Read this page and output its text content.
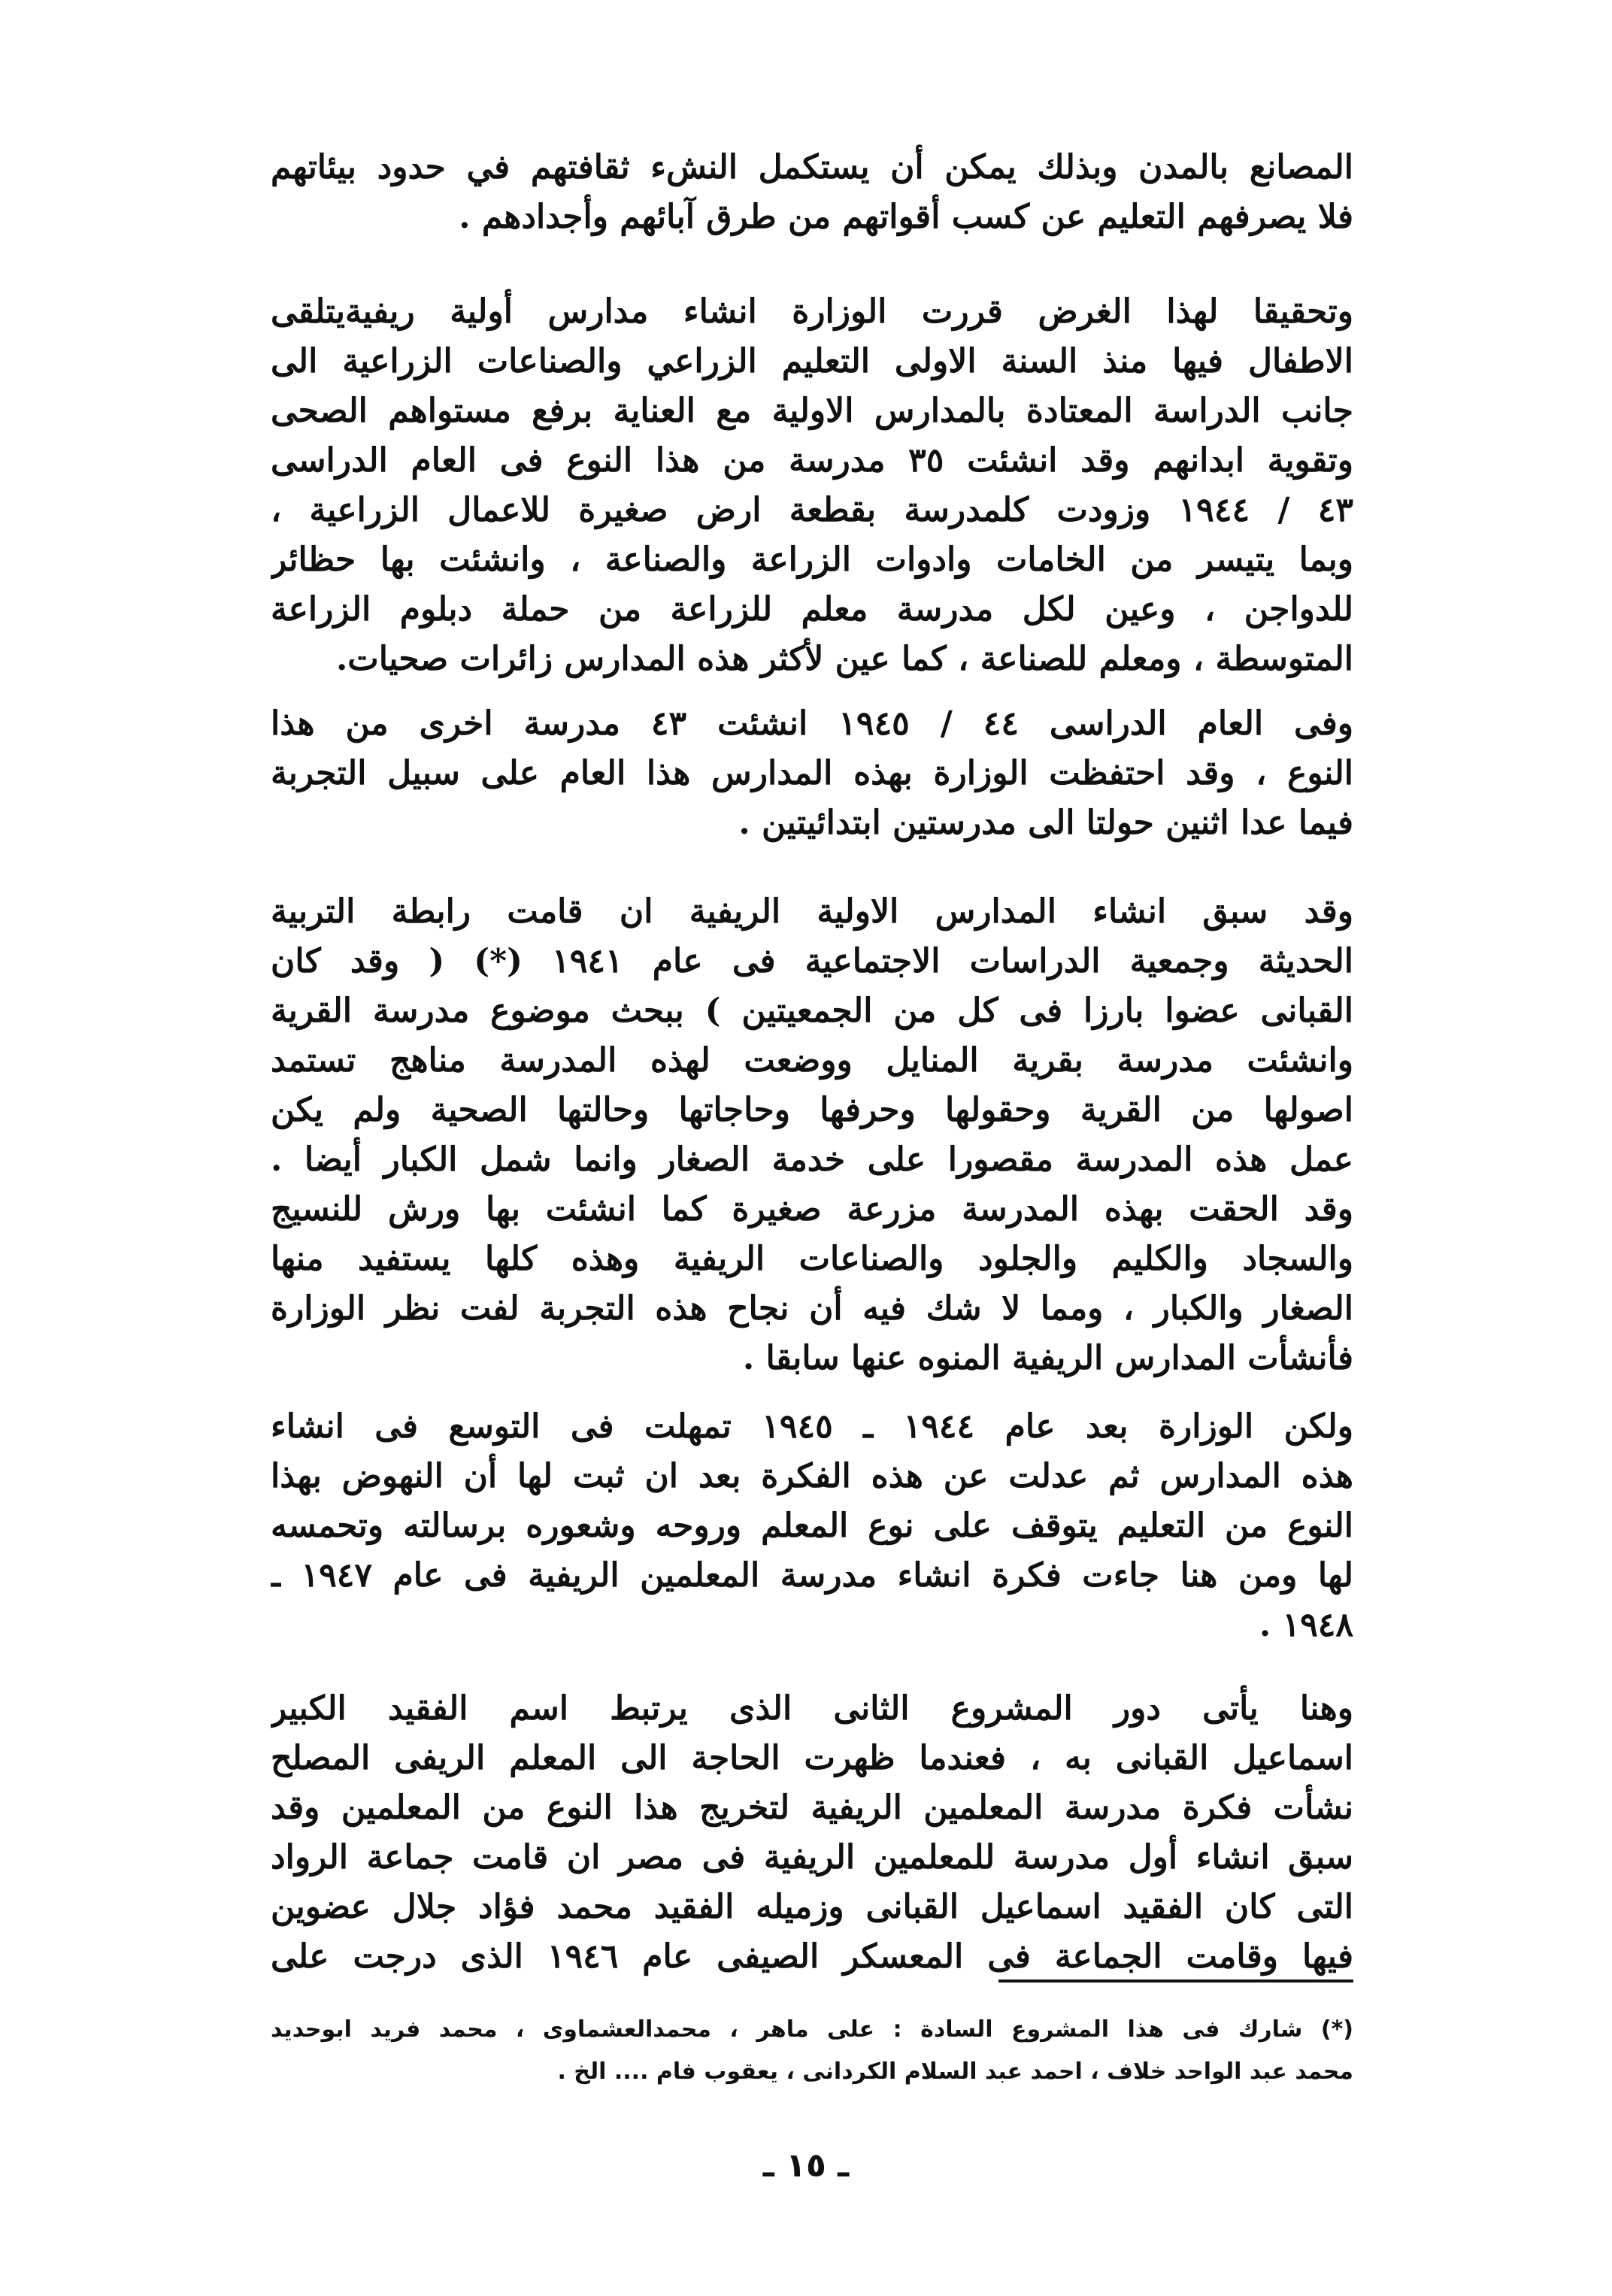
المصانع بالمدن وبذلك يمكن أن يستكمل النشء ثقافتهم في حدود بيئاتهم
فلا يصرفهم التعليم عن كسب أقواتهم من طرق آبائهم وأجدادهم .
وتحقيقا لهذا الغرض قررت الوزارة انشاء مدارس أولية ريفيةيتلقى
الاطفال فيها منذ السنة الاولى التعليم الزراعي والصناعات الزراعية الى
جانب الدراسة المعتادة بالمدارس الاولية مع العناية برفع مستواهم الصحى
وتقوية ابدانهم وقد انشئت ٣٥ مدرسة من هذا النوع فى العام الدراسى
٤٣ / ١٩٤٤ وزودت كلمدرسة بقطعة ارض صغيرة للاعمال الزراعية ،
وبما يتيسر من الخامات وادوات الزراعة والصناعة ، وانشئت بها حظائر
للدواجن ، وعين لكل مدرسة معلم للزراعة من حملة دبلوم الزراعة
المتوسطة ، ومعلم للصناعة ، كما عين لأكثر هذه المدارس زائرات صحيات.
وفى العام الدراسى ٤٤ / ١٩٤٥ انشئت ٤٣ مدرسة اخرى من هذا
النوع ، وقد احتفظت الوزارة بهذه المدارس هذا العام على سبيل التجربة
فيما عدا اثنين حولتا الى مدرستين ابتدائيتين .
وقد سبق انشاء المدارس الاولية الريفية ان قامت رابطة التربية
الحديثة وجمعية الدراسات الاجتماعية فى عام ١٩٤١ (*) ( وقد كان
القبانى عضوا بارزا فى كل من الجمعيتين ) ببحث موضوع مدرسة القرية
وانشئت مدرسة بقرية المنايل ووضعت لهذه المدرسة مناهج تستمد
اصولها من القرية وحقولها وحرفها وحاجاتها وحالتها الصحية ولم يكن
عمل هذه المدرسة مقصورا على خدمة الصغار وانما شمل الكبار أيضا .
وقد الحقت بهذه المدرسة مزرعة صغيرة كما انشئت بها ورش للنسيج
والسجاد والكليم والجلود والصناعات الريفية وهذه كلها يستفيد منها
الصغار والكبار ، ومما لا شك فيه أن نجاح هذه التجربة لفت نظر الوزارة
فأنشأت المدارس الريفية المنوه عنها سابقا .
ولكن الوزارة بعد عام ١٩٤٤ ـ ١٩٤٥ تمهلت فى التوسع فى انشاء
هذه المدارس ثم عدلت عن هذه الفكرة بعد ان ثبت لها أن النهوض بهذا
النوع من التعليم يتوقف على نوع المعلم وروحه وشعوره برسالته وتحمسه
لها ومن هنا جاءت فكرة انشاء مدرسة المعلمين الريفية فى عام ١٩٤٧ ـ
١٩٤٨ .
وهنا يأتى دور المشروع الثانى الذى يرتبط اسم الفقيد الكبير
اسماعيل القبانى به ، فعندما ظهرت الحاجة الى المعلم الريفى المصلح
نشأت فكرة مدرسة المعلمين الريفية لتخريج هذا النوع من المعلمين وقد
سبق انشاء أول مدرسة للمعلمين الريفية فى مصر ان قامت جماعة الرواد
التى كان الفقيد اسماعيل القبانى وزميله الفقيد محمد فؤاد جلال عضوين
فيها وقامت الجماعة فى المعسكر الصيفى عام ١٩٤٦ الذى درجت على
(*) شارك فى هذا المشروع السادة : على ماهر ، محمدالعشماوى ، محمد فريد ابوحديد
محمد عبد الواحد خلاف ، احمد عبد السلام الكردانى ، يعقوب فام .... الخ .
ـ ١٥ ـ
